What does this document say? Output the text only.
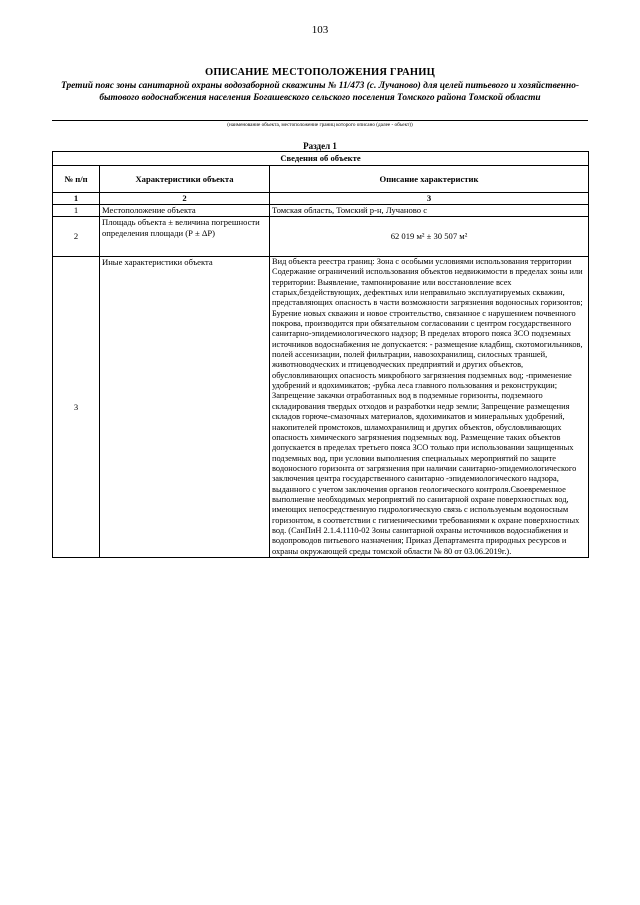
103
ОПИСАНИЕ МЕСТОПОЛОЖЕНИЯ ГРАНИЦ
Третий пояс зоны санитарной охраны водозаборной скважины № 11/473 (с. Лучаново) для целей питьевого и хозяйственно-бытового водоснабжения населения Богашевского сельского поселения Томского района Томской области
(наименование объекта, местоположение границ которого описано (далее - объект))
Раздел 1
Сведения об объекте		
№ п/п	Характеристики объекта	Описание характеристик
1	2	3
1	Местоположение объекта	Томская область, Томский р-н, Лучаново с
2	Площадь объекта ± величина погрешности определения площади (Р ± ΔР)	62 019 м² ± 30 507 м²
3	Иные характеристики объекта	Вид объекта реестра границ: Зона с особыми условиями использования территории
Содержание ограничений использования объектов недвижимости в пределах зоны или территории: Выявление, тампонирование или восстановление всех старых,бездействующих, дефектных или неправильно эксплуатируемых скважин, представляющих опасность в части возможности загрязнения водоносных горизонтов; Бурение новых скважин и новое строительство, связанное с нарушением почвенного покрова, производится при обязательном согласовании с центром государственного санитарно-эпидемиологического надзор; В пределах второго пояса ЗСО подземных источников водоснабжения не допускается: - размещение кладбищ, скотомогильников, полей ассенизации, полей фильтрации, навозохранилищ, силосных траншей, животноводческих и птицеводческих предприятий и других объектов, обусловливающих опасность микробного загрязнения подземных вод; -применение удобрений и ядохимикатов; -рубка леса главного пользования и реконструкции; Запрещение закачки отработанных вод в подземные горизонты, подземного складирования твердых отходов и разработки недр земли; Запрещение размещения складов горюче-смазочных материалов, ядохимикатов и минеральных удобрений, накопителей промстоков, шламохранилищ и других объектов, обусловливающих опасность химического загрязнения подземных вод. Размещение таких объектов допускается в пределах третьего пояса ЗСО только при использовании защищенных подземных вод, при условии выполнения специальных мероприятий по защите водоносного горизонта от загрязнения при наличии санитарно-эпидемиологического заключения центра государственного санитарно -эпидемиологического надзора, выданного с учетом заключения органов геологического контроля.Своевременное выполнение необходимых мероприятий по санитарной охране поверхностных вод, имеющих непосредственную гидрологическую связь с используемым водоносным горизонтом, в соответствии с гигиеническими требованиями к охране поверхностных вод. (СанПиН 2.1.4.1110-02 Зоны санитарной охраны источников водоснабжения и водопроводов питьевого назначения; Приказ Департамента природных ресурсов и охраны окружающей среды томской области № 80 от 03.06.2019г.).
